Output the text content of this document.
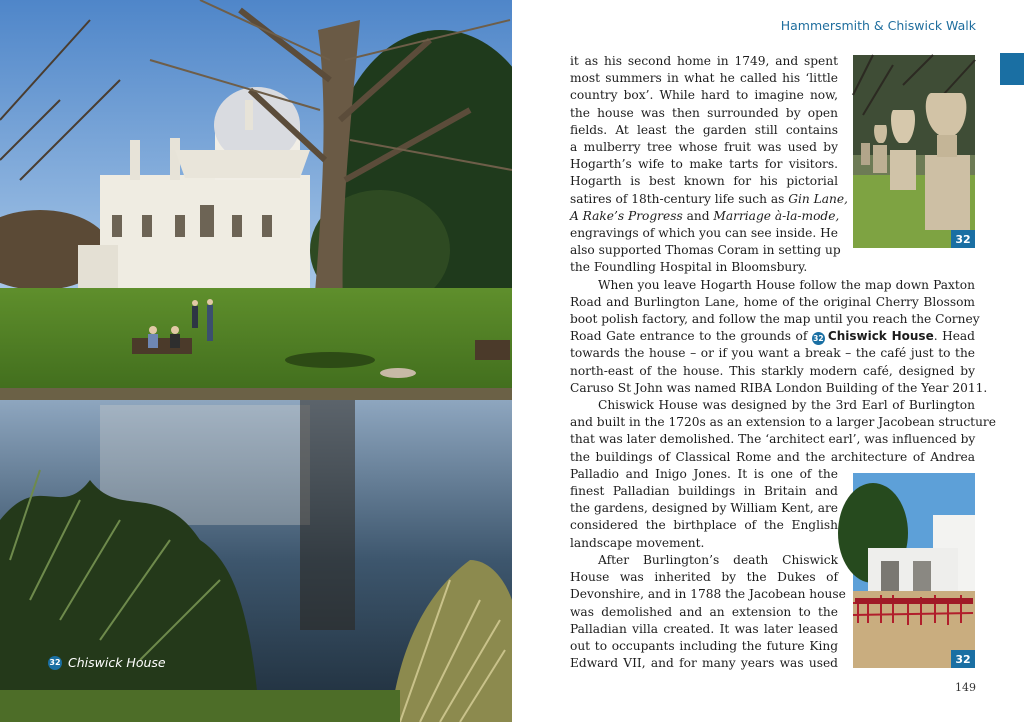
32 Chiswick House
Hammersmith & Chiswick Walk
32
32
it as his second home in 1749, and spent
most summers in what he called his ‘little
country box’. While hard to imagine now,
the house was then surrounded by open
fields. At least the garden still contains
a mulberry tree whose fruit was used by
Hogarth’s wife to make tarts for visitors.
Hogarth is best known for his pictorial
satires of 18th-century life such as Gin Lane,
A Rake’s Progress and Marriage à-la-mode,
engravings of which you can see inside. He
also supported Thomas Coram in setting up
the Foundling Hospital in Bloomsbury.
When you leave Hogarth House follow the map down Paxton
Road and Burlington Lane, home of the original Cherry Blossom
boot polish factory, and follow the map until you reach the Corney
Road Gate entrance to the grounds of 32 Chiswick House. Head
towards the house – or if you want a break – the café just to the
north-east of the house. This starkly modern café, designed by
Caruso St John was named RIBA London Building of the Year 2011.
Chiswick House was designed by the 3rd Earl of Burlington
and built in the 1720s as an extension to a larger Jacobean structure
that was later demolished. The ‘architect earl’, was influenced by
the buildings of Classical Rome and the architecture of Andrea
Palladio and Inigo Jones. It is one of the
finest Palladian buildings in Britain and
the gardens, designed by William Kent, are
considered the birthplace of the English
landscape movement.
After Burlington’s death Chiswick
House was inherited by the Dukes of
Devonshire, and in 1788 the Jacobean house
was demolished and an extension to the
Palladian villa created. It was later leased
out to occupants including the future King
Edward VII, and for many years was used
149
